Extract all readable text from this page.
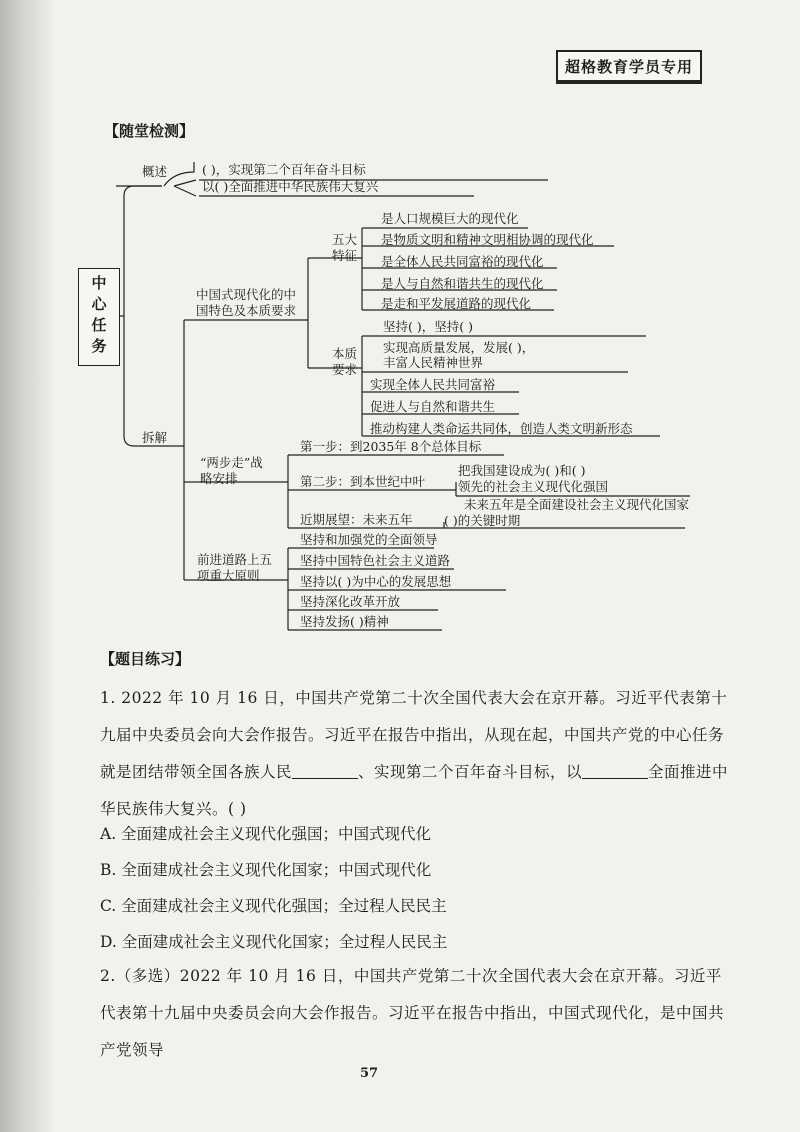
超格教育学员专用
【随堂检测】
中心任务
概述	( )，实现第二个百年奋斗目标
以( )全面推进中华民族伟大复兴
拆解
中国式现代化的中
国特色及本质要求
五大
特征
是人口规模巨大的现代化
是物质文明和精神文明相协调的现代化
是全体人民共同富裕的现代化
是人与自然和谐共生的现代化
是走和平发展道路的现代化
本质
要求
坚持( )，坚持( )
实现高质量发展，发展( )，
丰富人民精神世界
实现全体人民共同富裕
促进人与自然和谐共生
推动构建人类命运共同体，创造人类文明新形态
“两步走”战
略安排
第一步：到2035年 8个总体目标
第二步：到本世纪中叶
把我国建设成为( )和( )
领先的社会主义现代化强国
近期展望：未来五年
未来五年是全面建设社会主义现代化国家
( )的关键时期
前进道路上五
项重大原则
坚持和加强党的全面领导
坚持中国特色社会主义道路
坚持以( )为中心的发展思想
坚持深化改革开放
坚持发扬( )精神
【题目练习】
1. 2022 年 10 月 16 日，中国共产党第二十次全国代表大会在京开幕。习近平代表第十九届中央委员会向大会作报告。习近平在报告中指出，从现在起，中国共产党的中心任务就是团结带领全国各族人民	、实现第二个百年奋斗目标，以	全面推进中华民族伟大复兴。( )
A. 全面建成社会主义现代化强国；中国式现代化
B. 全面建成社会主义现代化国家；中国式现代化
C. 全面建成社会主义现代化强国；全过程人民民主
D. 全面建成社会主义现代化国家；全过程人民民主
2.（多选）2022 年 10 月 16 日，中国共产党第二十次全国代表大会在京开幕。习近平代表第十九届中央委员会向大会作报告。习近平在报告中指出，中国式现代化，是中国共产党领导
57
